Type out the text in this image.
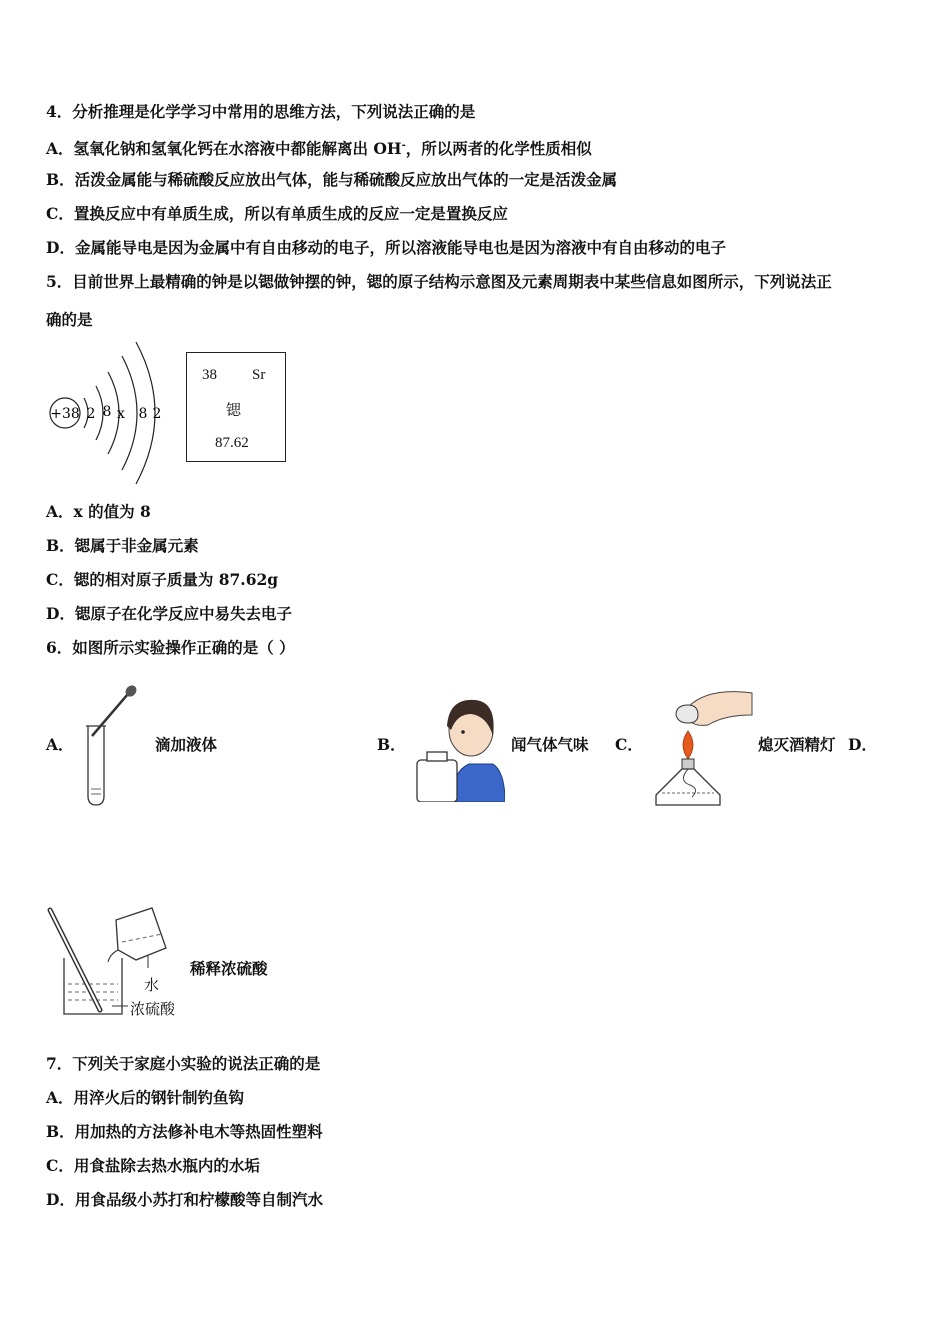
4．分析推理是化学学习中常用的思维方法，下列说法正确的是
A．氢氧化钠和氢氧化钙在水溶液中都能解离出 OH-，所以两者的化学性质相似
B．活泼金属能与稀硫酸反应放出气体，能与稀硫酸反应放出气体的一定是活泼金属
C．置换反应中有单质生成，所以有单质生成的反应一定是置换反应
D．金属能导电是因为金属中有自由移动的电子，所以溶液能导电也是因为溶液中有自由移动的电子
5．目前世界上最精确的钟是以锶做钟摆的钟，锶的原子结构示意图及元素周期表中某些信息如图所示，下列说法正
确的是
+38 2 8 x 8 2
38 Sr
锶
87.62
A．x 的值为 8
B．锶属于非金属元素
C．锶的相对原子质量为 87.62g
D．锶原子在化学反应中易失去电子
6．如图所示实验操作正确的是（ ）
A．	滴加液体	B．	闻气体气味 C．	熄灭酒精灯 D．
稀释浓硫酸
水
浓硫酸
7．下列关于家庭小实验的说法正确的是
A．用淬火后的钢针制钓鱼钩
B．用加热的方法修补电木等热固性塑料
C．用食盐除去热水瓶内的水垢
D．用食品级小苏打和柠檬酸等自制汽水
